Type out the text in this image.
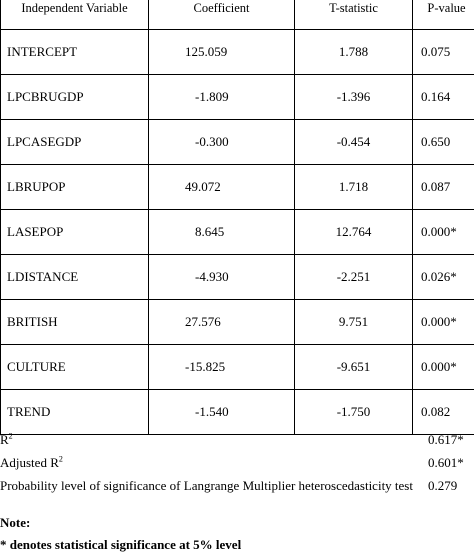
Independent Variable	Coefficient	T-statistic	P-value
INTERCEPT	125.059	1.788	0.075
LPCBRUGDP	-1.809	-1.396	0.164
LPCASEGDP	-0.300	-0.454	0.650
LBRUPOP	49.072	1.718	0.087
LASEPOP	8.645	12.764	0.000*
LDISTANCE	-4.930	-2.251	0.026*
BRITISH	27.576	9.751	0.000*
CULTURE	-15.825	-9.651	0.000*
TREND	-1.540	-1.750	0.082
$R^2$	0.617*
Adjusted $R^2$	0.601*
Probability level of significance of Langrange Multiplier heteroscedasticity test 0.279
Note:
* denotes statistical significance at 5% level
